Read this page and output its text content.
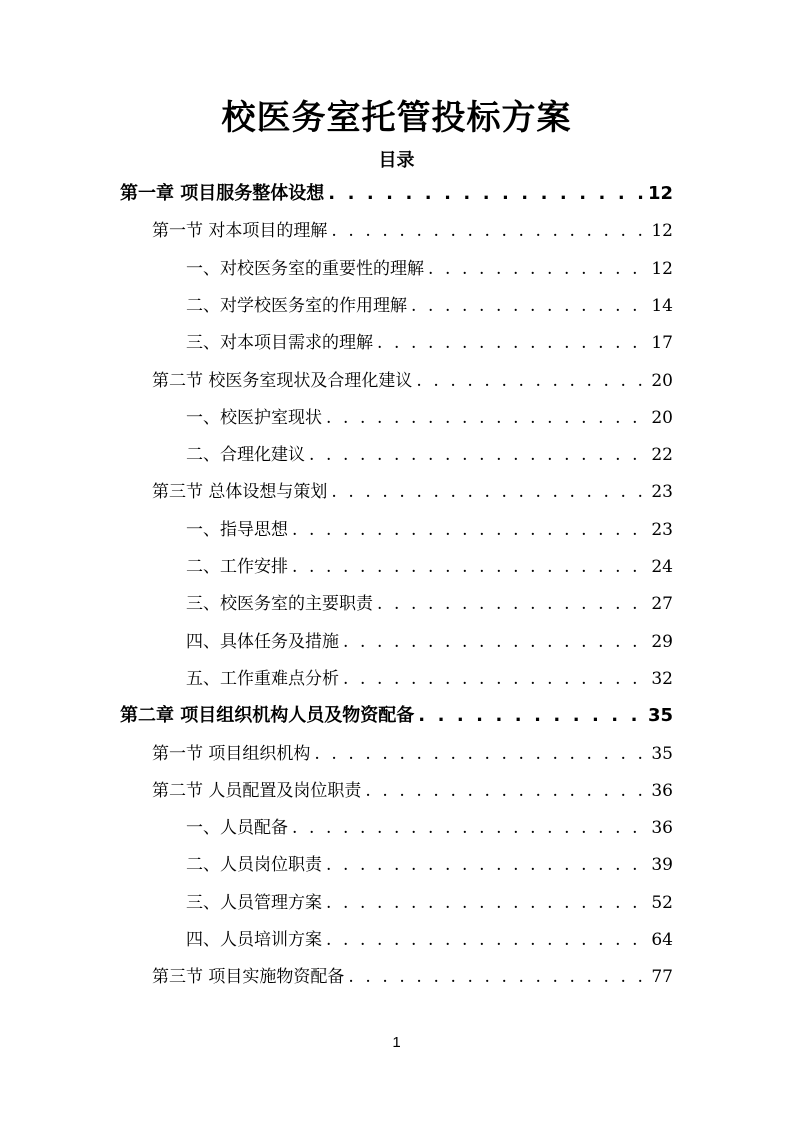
校医务室托管投标方案
目录
第一章 项目服务整体设想 . . .	12
第一节 对本项目的理解 . . .	12
一、对校医务室的重要性的理解 . . .	12
二、对学校医务室的作用理解 . . .	14
三、对本项目需求的理解 . . .	17
第二节 校医务室现状及合理化建议 . . .	20
一、校医护室现状 . . .	20
二、合理化建议 . . .	22
第三节 总体设想与策划 . . .	23
一、指导思想 . . .	23
二、工作安排 . . .	24
三、校医务室的主要职责 . . .	27
四、具体任务及措施 . . .	29
五、工作重难点分析 . . .	32
第二章 项目组织机构人员及物资配备 . . .	35
第一节 项目组织机构 . . .	35
第二节 人员配置及岗位职责 . . .	36
一、人员配备 . . .	36
二、人员岗位职责 . . .	39
三、人员管理方案 . . .	52
四、人员培训方案 . . .	64
第三节 项目实施物资配备 . . .	77
1
